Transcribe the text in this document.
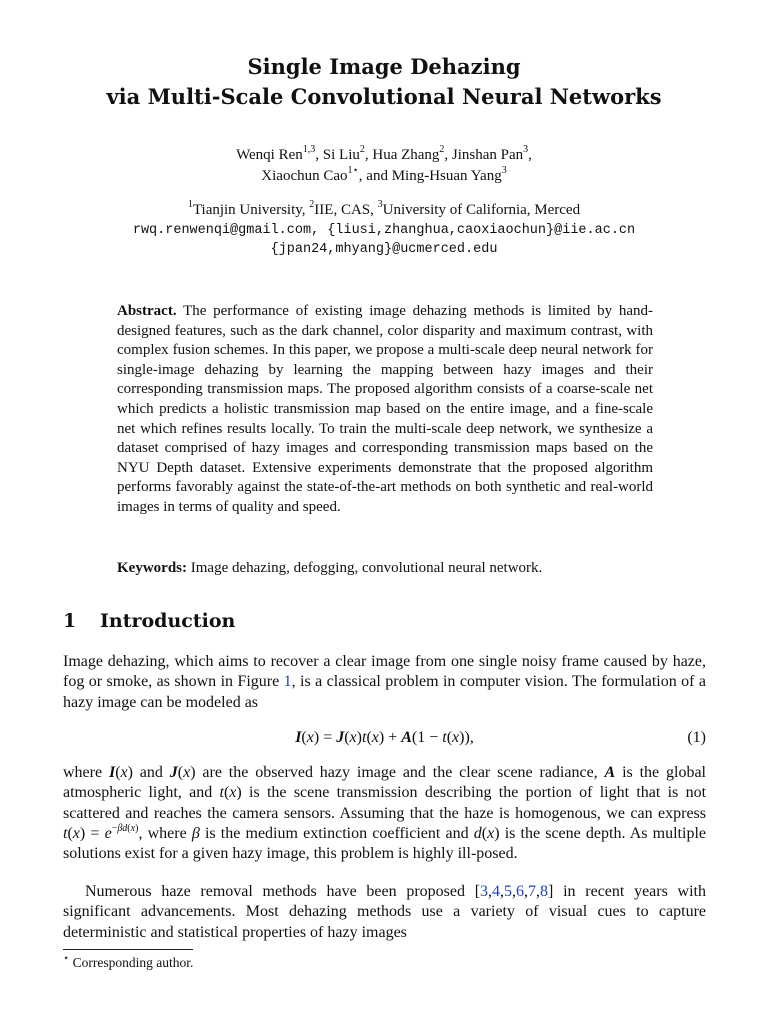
Single Image Dehazing
via Multi-Scale Convolutional Neural Networks
Wenqi Ren$^{1,3}$, Si Liu$^2$, Hua Zhang$^2$, Jinshan Pan$^3$,
Xiaochun Cao$^{1⋆}$, and Ming-Hsuan Yang$^3$
$^1$Tianjin University, $^2$IIE, CAS, $^3$University of California, Merced
rwq.renwenqi@gmail.com, {liusi,zhanghua,caoxiaochun}@iie.ac.cn
{jpan24,mhyang}@ucmerced.edu
Abstract. The performance of existing image dehazing methods is limited by hand-designed features, such as the dark channel, color disparity and maximum contrast, with complex fusion schemes. In this paper, we propose a multi-scale deep neural network for single-image dehazing by learning the mapping between hazy images and their corresponding transmission maps. The proposed algorithm consists of a coarse-scale net which predicts a holistic transmission map based on the entire image, and a fine-scale net which refines results locally. To train the multi-scale deep network, we synthesize a dataset comprised of hazy images and corresponding transmission maps based on the NYU Depth dataset. Extensive experiments demonstrate that the proposed algorithm performs favorably against the state-of-the-art methods on both synthetic and real-world images in terms of quality and speed.
Keywords: Image dehazing, defogging, convolutional neural network.
1 Introduction
Image dehazing, which aims to recover a clear image from one single noisy frame caused by haze, fog or smoke, as shown in Figure 1, is a classical problem in computer vision. The formulation of a hazy image can be modeled as
I(x) = J(x)t(x) + A(1 − t(x)),	(1)
where I(x) and J(x) are the observed hazy image and the clear scene radiance, A is the global atmospheric light, and t(x) is the scene transmission describing the portion of light that is not scattered and reaches the camera sensors. Assuming that the haze is homogenous, we can express $t(x) = e^{-\beta d(x)}$, where β is the medium extinction coefficient and d(x) is the scene depth. As multiple solutions exist for a given hazy image, this problem is highly ill-posed.
Numerous haze removal methods have been proposed [3,4,5,6,7,8] in recent years with significant advancements. Most dehazing methods use a variety of visual cues to capture deterministic and statistical properties of hazy images
⋆ Corresponding author.
